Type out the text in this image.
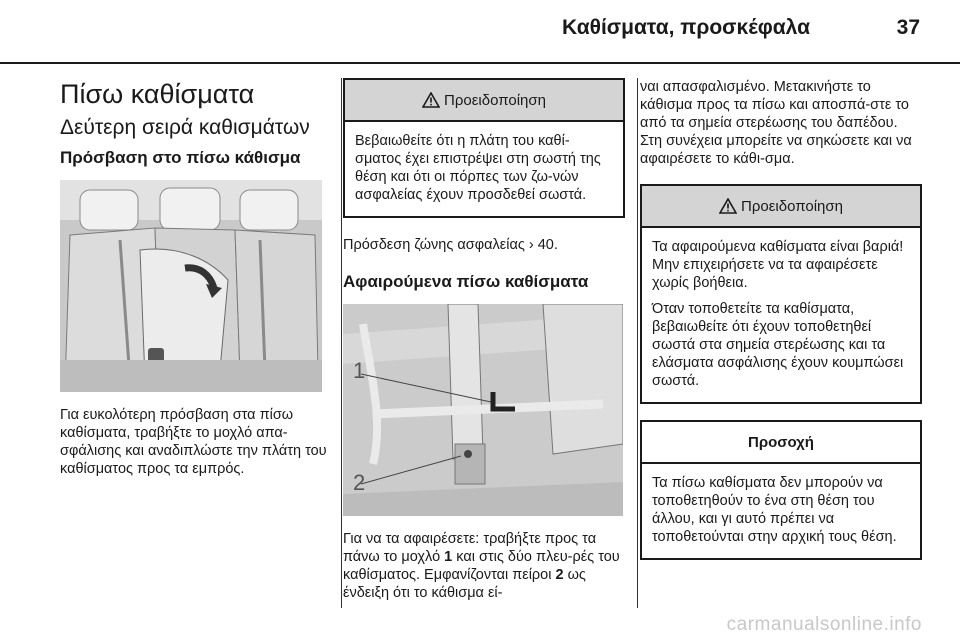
Καθίσματα, προσκέφαλα	37
Πίσω καθίσματα
Δεύτερη σειρά καθισμάτων
Πρόσβαση στο πίσω κάθισμα

Για ευκολότερη πρόσβαση στα πίσω καθίσματα, τραβήξτε το μοχλό απα-σφάλισης και αναδιπλώστε την πλάτη του καθίσματος προς τα εμπρός.

Προειδοποίηση

Βεβαιωθείτε ότι η πλάτη του καθί-σματος έχει επιστρέψει στη σωστή της θέση και ότι οι πόρπες των ζω-νών ασφαλείας έχουν προσδεθεί σωστά.

Πρόσδεση ζώνης ασφαλείας › 40.

Αφαιρούμενα πίσω καθίσματα
1
2

Για να τα αφαιρέσετε: τραβήξτε προς τα πάνω το μοχλό 1 και στις δύο πλευ-ρές του καθίσματος. Εμφανίζονται πείροι 2 ως ένδειξη ότι το κάθισμα εί-

ναι απασφαλισμένο. Μετακινήστε το κάθισμα προς τα πίσω και αποσπά-στε το από τα σημεία στερέωσης του δαπέδου. Στη συνέχεια μπορείτε να σηκώσετε και να αφαιρέσετε το κάθι-σμα.

Προειδοποίηση

Τα αφαιρούμενα καθίσματα είναι βαριά! Μην επιχειρήσετε να τα αφαιρέσετε χωρίς βοήθεια.

Όταν τοποθετείτε τα καθίσματα, βεβαιωθείτε ότι έχουν τοποθετηθεί σωστά στα σημεία στερέωσης και τα ελάσματα ασφάλισης έχουν κουμπώσει σωστά.

Προσοχή

Τα πίσω καθίσματα δεν μπορούν να τοποθετηθούν το ένα στη θέση του άλλου, και γι αυτό πρέπει να τοποθετούνται στην αρχική τους θέση.

carmanualsonline.info
